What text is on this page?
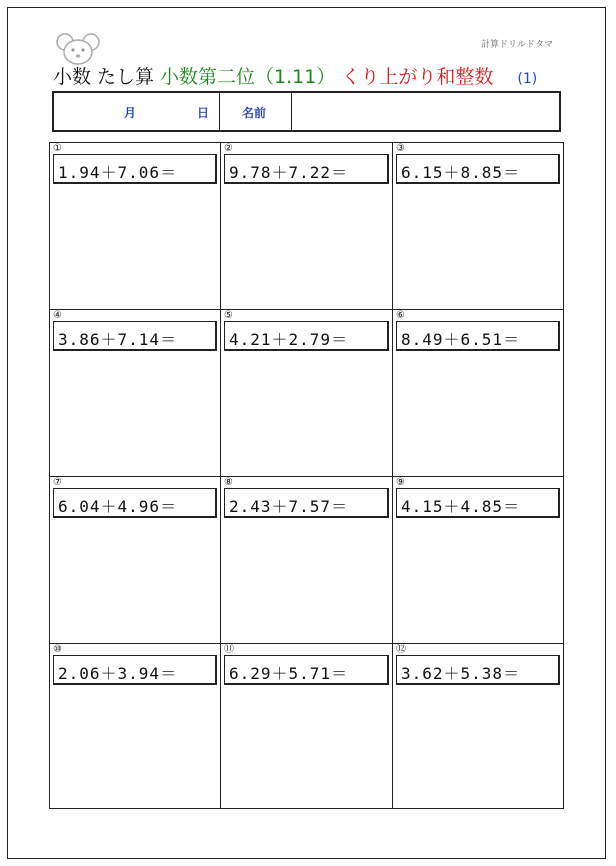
計算ドリルドタマ
小数 たし算 小数第二位（1.11） くり上がり和整数 (1)
月	日	名前
①
1.94＋7.06＝
②
9.78＋7.22＝
③
6.15＋8.85＝
④
3.86＋7.14＝
⑤
4.21＋2.79＝
⑥
8.49＋6.51＝
⑦
6.04＋4.96＝
⑧
2.43＋7.57＝
⑨
4.15＋4.85＝
⑩
2.06＋3.94＝
⑪
6.29＋5.71＝
⑫
3.62＋5.38＝
